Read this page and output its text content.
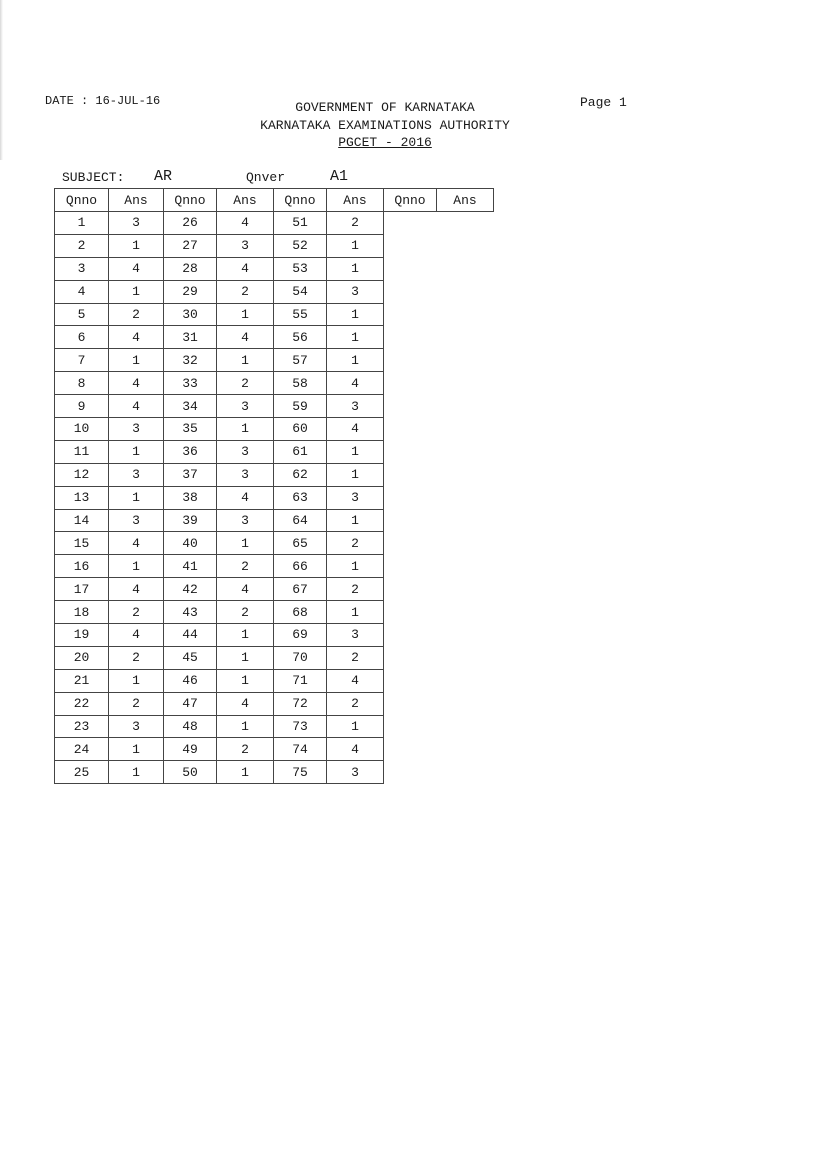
DATE : 16-JUL-16	Page 1
GOVERNMENT OF KARNATAKA
KARNATAKA EXAMINATIONS AUTHORITY
PGCET - 2016

SUBJECT:

AR

	Qnver

	A1

Qnno	Ans	Qnno	Ans	Qnno	Ans	Qnno	Ans
1	3	26	4	51	2		
2	1	27	3	52	1		
3	4	28	4	53	1		
4	1	29	2	54	3		
5	2	30	1	55	1		
6	4	31	4	56	1		
7	1	32	1	57	1		
8	4	33	2	58	4		
9	4	34	3	59	3		
10	3	35	1	60	4		
11	1	36	3	61	1		
12	3	37	3	62	1		
13	1	38	4	63	3		
14	3	39	3	64	1		
15	4	40	1	65	2		
16	1	41	2	66	1		
17	4	42	4	67	2		
18	2	43	2	68	1		
19	4	44	1	69	3		
20	2	45	1	70	2		
21	1	46	1	71	4		
22	2	47	4	72	2		
23	3	48	1	73	1		
24	1	49	2	74	4		
25	1	50	1	75	3		
